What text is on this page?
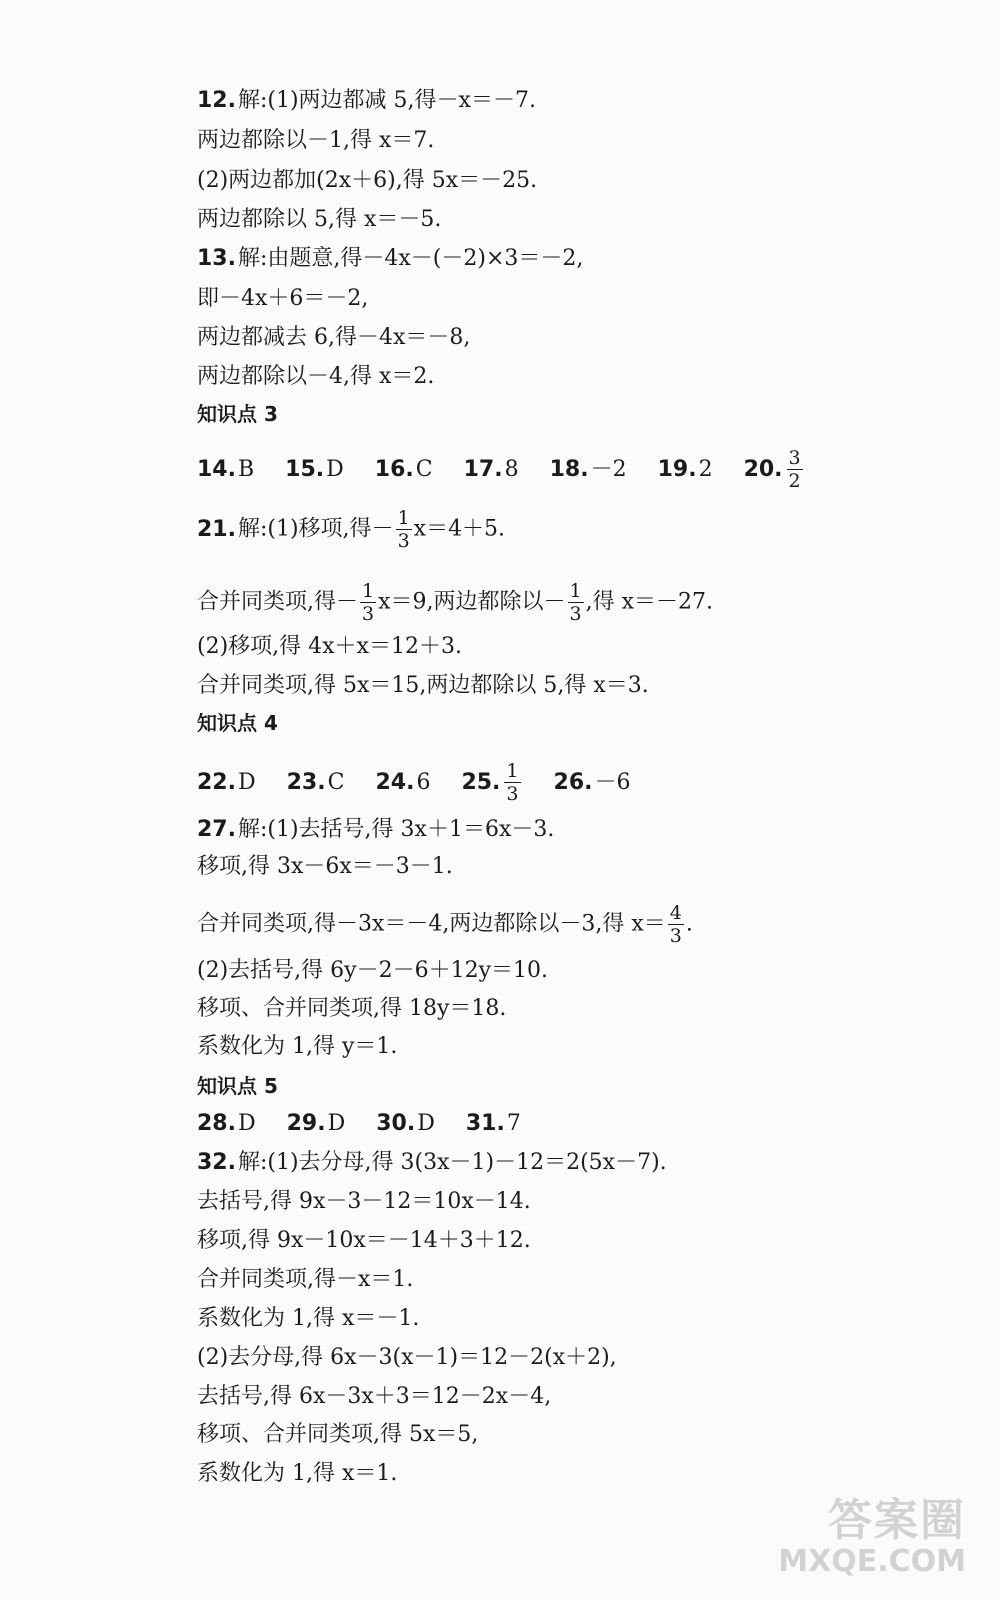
12.解:(1)两边都减 5,得－x＝－7.
两边都除以－1,得 x＝7.
(2)两边都加(2x＋6),得 5x＝－25.
两边都除以 5,得 x＝－5.
13.解:由题意,得－4x－(－2)×3＝－2,
即－4x＋6＝－2,
两边都减去 6,得－4x＝－8,
两边都除以－4,得 x＝2.
知识点 3
14.B 15.D 16.C 17.8 18.－2 19.2 20. $\frac{3}{2}$
21.解:(1)移项,得－ $\frac{1}{3} x=4+5$.
合并同类项,得－ $\frac{1}{3} x=9$,两边都除以－ $\frac{1}{3}$ ,得 x＝－27.
(2)移项,得 4x＋x＝12＋3.
合并同类项,得 5x＝15,两边都除以 5,得 x＝3.
知识点 4
22.D 23.C 24.6 25. $\frac{1}{3} 26.-6$
27.解:(1)去括号,得 3x＋1＝6x－3.
移项,得 3x－6x＝－3－1.
合并同类项,得－3x＝－4,两边都除以－3,得 $x= \frac{4}{3}$ .
(2)去括号,得 6y－2－6＋12y＝10.
移项、合并同类项,得 18y＝18.
系数化为 1,得 y＝1.
知识点 5
28.D 29.D 30.D 31.7
32.解:(1)去分母,得 3(3x－1)－12＝2(5x－7).
去括号,得 9x－3－12＝10x－14.
移项,得 9x－10x＝－14＋3＋12.
合并同类项,得－x＝1.
系数化为 1,得 x＝－1.
(2)去分母,得 6x－3(x－1)＝12－2(x＋2),
去括号,得 6x－3x＋3＝12－2x－4,
移项、合并同类项,得 5x＝5,
系数化为 1,得 x＝1.
答案圈
MXQE.COM
